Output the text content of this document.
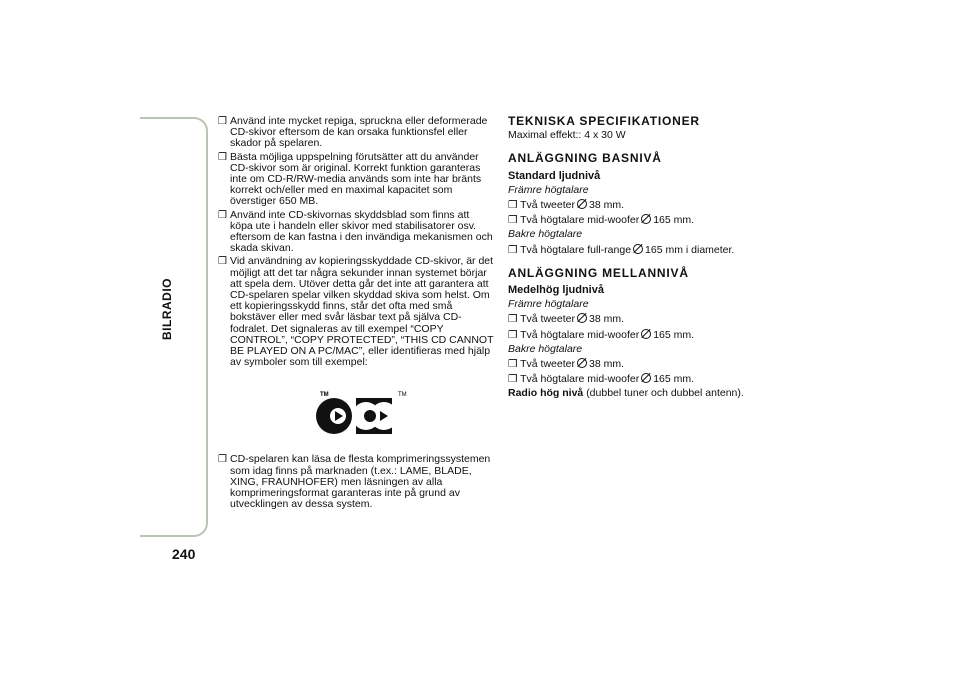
BILRADIO
240
❒ Använd inte mycket repiga, spruckna eller deformerade CD-skivor eftersom de kan orsaka funktionsfel eller skador på spelaren.
❒ Bästa möjliga uppspelning förutsätter att du använder CD-skivor som är original. Korrekt funktion garanteras inte om CD-R/RW-media används som inte har bränts korrekt och/eller med en maximal kapacitet som överstiger 650 MB.
❒ Använd inte CD-skivornas skyddsblad som finns att köpa ute i handeln eller skivor med stabilisatorer osv. eftersom de kan fastna i den invändiga mekanismen och skada skivan.
❒ Vid användning av kopieringsskyddade CD-skivor, är det möjligt att det tar några sekunder innan systemet börjar att spela dem. Utöver detta går det inte att garantera att CD-spelaren spelar vilken skyddad skiva som helst. Om ett kopieringsskydd finns, står det ofta med små bokstäver eller med svår läsbar text på själva CD-fodralet. Det signaleras av till exempel “COPY CONTROL”, “COPY PROTECTED”, “THIS CD CANNOT BE PLAYED ON A PC/MAC”, eller identifieras med hjälp av symboler som till exempel:
TM	TM
❒ CD-spelaren kan läsa de flesta komprimeringssystemen som idag finns på marknaden (t.ex.: LAME, BLADE, XING, FRAUNHOFER) men läsningen av alla komprimeringsformat garanteras inte på grund av utvecklingen av dessa system.
TEKNISKA SPECIFIKATIONER
Maximal effekt:: 4 x 30 W
ANLÄGGNING BASNIVÅ
Standard ljudnivå
Främre högtalare
❒ Två tweeter 38 mm.
❒ Två högtalare mid-woofer 165 mm.
Bakre högtalare
❒ Två högtalare full-range 165 mm i diameter.
ANLÄGGNING MELLANNIVÅ
Medelhög ljudnivå
Främre högtalare
❒ Två tweeter 38 mm.
❒ Två högtalare mid-woofer 165 mm.
Bakre högtalare
❒ Två tweeter 38 mm.
❒ Två högtalare mid-woofer 165 mm.
Radio hög nivå (dubbel tuner och dubbel antenn).
